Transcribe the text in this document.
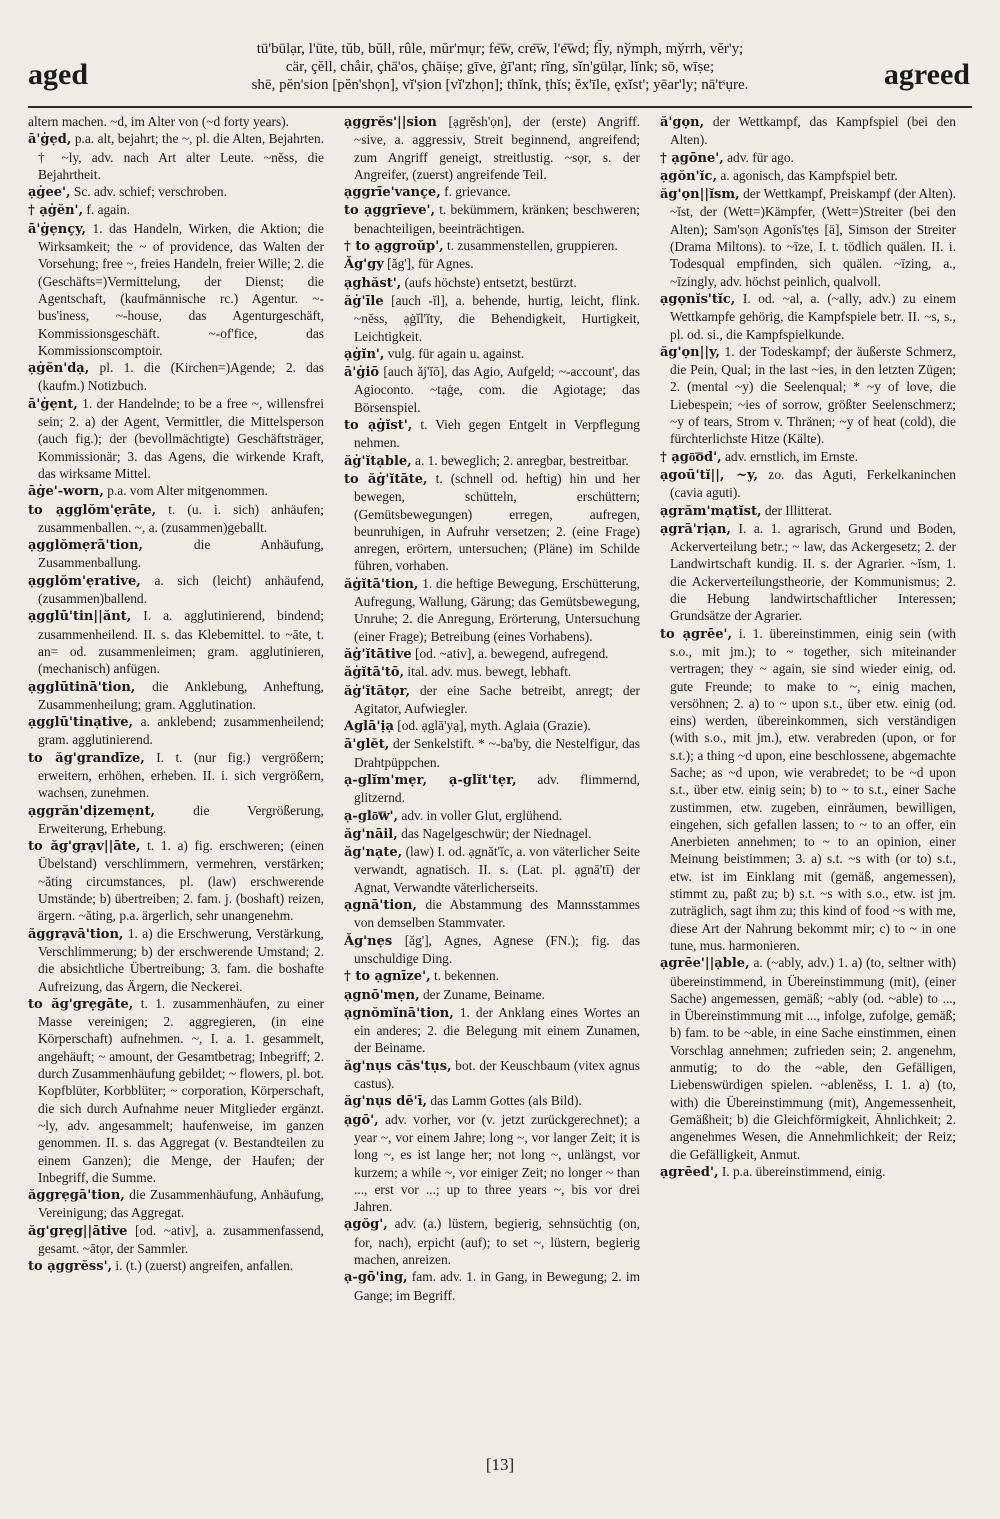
aged
tū'būlạr, l'ūte, tŭb, bŭll, rûle, mŭr'mụr; fe͞w, cre͞w, l'e͞wd; fl̄y, nўmph, mўrrh, vĕr'y;
cär, çĕll, chåir, çhā'os, çhāiṣe; gīve, ġī'ant; rĭng, sĭn'gūlạr, lĭnk; sō, wīṣe;
shē, pĕn'sion [pĕn'shọn], vĭ'ṣion [vĭ'zhọn]; thĭnk, ṭhĭs; ĕx'īle, ęxĭst'; yēar'ly; nā'tˢụre.	agreed

altern machen. ~d, im Alter von (~d forty years).

ā'ġẹd, p.a. alt, bejahrt; the ~, pl. die Alten, Bejahrten. † ~ly, adv. nach Art alter Leute. ~nĕss, die Bejahrtheit.

ạġee', Sc. adv. schief; verschroben.

† ạġĕn', f. again.

ā'ġẹnçy, 1. das Handeln, Wirken, die Aktion; die Wirksamkeit; the ~ of providence, das Walten der Vorsehung; free ~, freies Handeln, freier Wille; 2. die (Geschäfts=)Vermittelung, der Dienst; die Agentschaft, (kaufmännische rc.) Agentur. ~-bus'iness, ~-house, das Agenturgeschäft, Kommissionsgeschäft. ~-of'fice, das Kommissionscomptoir.

ạġĕn'dạ, pl. 1. die (Kirchen=)Agende; 2. das (kaufm.) Notizbuch.

ā'ġẹnt, 1. der Handelnde; to be a free ~, willensfrei sein; 2. a) der Agent, Vermittler, die Mittelsperson (auch fig.); der (bevollmächtigte) Geschäftsträger, Kommissionär; 3. das Agens, die wirkende Kraft, das wirksame Mittel.

āġe'-worn, p.a. vom Alter mitgenommen.

to ạgglŏm'ẹrāte, t. (u. i. sich) anhäufen; zusammenballen. ~, a. (zusammen)geballt.

ạgglŏmẹrā'tion, die Anhäufung, Zusammenballung.

ạgglŏm'ẹrative, a. sich (leicht) anhäufend, (zusammen)ballend.

ạgglū'tin||ănt, I. a. agglutinierend, bindend; zusammenheilend. II. s. das Klebemittel. to ~āte, t. an= od. zusammenleimen; gram. agglutinieren, (mechanisch) anfügen.

ạgglūtinā'tion, die Anklebung, Anheftung, Zusammenheilung; gram. Agglutination.

ạgglū'tinạtive, a. anklebend; zusammenheilend; gram. agglutinierend.

to ăg'grandīze, I. t. (nur fig.) vergrößern; erweitern, erhöhen, erheben. II. i. sich vergrößern, wachsen, zunehmen.

ạggrăn'dịzemẹnt, die Vergrößerung, Erweiterung, Erhebung.

to ăg'grạv||āte, t. 1. a) fig. erschweren; (einen Übelstand) verschlimmern, vermehren, verstärken; ~ăting circumstances, pl. (law) erschwerende Umstände; b) übertreiben; 2. fam. j. (boshaft) reizen, ärgern. ~ăting, p.a. ärgerlich, sehr unangenehm.

ăggrạvā'tion, 1. a) die Erschwerung, Verstärkung, Verschlimmerung; b) der erschwerende Umstand; 2. die absichtliche Übertreibung; 3. fam. die boshafte Aufreizung, das Ärgern, die Neckerei.

to ăg'grẹgāte, t. 1. zusammenhäufen, zu einer Masse vereinigen; 2. aggregieren, (in eine Körperschaft) aufnehmen. ~, I. a. 1. gesammelt, angehäuft; ~ amount, der Gesamtbetrag; Inbegriff; 2. durch Zusammenhäufung gebildet; ~ flowers, pl. bot. Kopfblüter, Korbblüter; ~ corporation, Körperschaft, die sich durch Aufnahme neuer Mitglieder ergänzt. ~ly, adv. angesammelt; haufenweise, im ganzen genommen. II. s. das Aggregat (v. Bestandteilen zu einem Ganzen); die Menge, der Haufen; der Inbegriff, die Summe.

ăggrẹgā'tion, die Zusammenhäufung, Anhäufung, Vereinigung; das Aggregat.

ăg'grẹg||ātive [od. ~ativ], a. zusammenfassend, gesamt. ~ātọr, der Sammler.

to ạggrĕss', i. (t.) (zuerst) angreifen, anfallen.

ạggrĕs'||sion [ạgrĕsh'ọn], der (erste) Angriff. ~sive, a. aggressiv, Streit beginnend, angreifend; zum Angriff geneigt, streitlustig. ~sọr, s. der Angreifer, (zuerst) angreifende Teil.

ạggrīe'vançe, f. grievance.

to ạggrīeve', t. bekümmern, kränken; beschweren; benachteiligen, beeinträchtigen.

† to ạggroŭp', t. zusammenstellen, gruppieren.

Ăg'gy [ăg'], für Agnes.

ạghăst', (aufs höchste) entsetzt, bestürzt.

ăġ'īle [auch -ĭl], a. behende, hurtig, leicht, flink. ~nĕss, ạġĭl'ĭty, die Behendigkeit, Hurtigkeit, Leichtigkeit.

ạġĭn', vulg. für again u. against.

ā'ġiō [auch ăj'ĭō], das Agio, Aufgeld; ~-account', das Agioconto. ~tạġe, com. die Agiotage; das Börsenspiel.

to ạġĭst', t. Vieh gegen Entgelt in Verpflegung nehmen.

ăġ'ĭtạble, a. 1. beweglich; 2. anregbar, bestreitbar.

to ăġ'ĭtāte, t. (schnell od. heftig) hin und her bewegen, schütteln, erschüttern; (Gemütsbewegungen) erregen, aufregen, beunruhigen, in Aufruhr versetzen; 2. (eine Frage) anregen, erörtern, untersuchen; (Pläne) im Schilde führen, vorhaben.

ăġĭtā'tion, 1. die heftige Bewegung, Erschütterung, Aufregung, Wallung, Gärung; das Gemütsbewegung, Unruhe; 2. die Anregung, Erörterung, Untersuchung (einer Frage); Betreibung (eines Vorhabens).

ăġ'ĭtātive [od. ~ativ], a. bewegend, aufregend.

ăġĭtā'tō, ital. adv. mus. bewegt, lebhaft.

ăġ'ĭtātọr, der eine Sache betreibt, anregt; der Agitator, Aufwiegler.

Aglā'ịạ [od. ạglā'yạ], myth. Aglaia (Grazie).

ā'glĕt, der Senkelstift. * ~-ba'by, die Nestelfigur, das Drahtpüppchen.

ạ-glĭm'mẹr, ạ-glĭt'tẹr, adv. flimmernd, glitzernd.

ạ-glō͞w', adv. in voller Glut, erglühend.

ăg'nāil, das Nagelgeschwür; der Niednagel.

ăg'nạte, (law) I. od. ạgnăt'ĭc, a. von väterlicher Seite verwandt, agnatisch. II. s. (Lat. pl. ạgnā'tī) der Agnat, Verwandte väterlicherseits.

ạgnā'tion, die Abstammung des Mannsstammes von demselben Stammvater.

Ăg'nẹs [ăg'], Agnes, Agnese (FN.); fig. das unschuldige Ding.

† to ạgnīze', t. bekennen.

ạgnō'mẹn, der Zuname, Beiname.

ạgnŏmĭnā'tion, 1. der Anklang eines Wortes an ein anderes; 2. die Belegung mit einem Zunamen, der Beiname.

ăg'nụs căs'tụs, bot. der Keuschbaum (vitex agnus castus).

ăg'nụs dē'ī, das Lamm Gottes (als Bild).

ạgō', adv. vorher, vor (v. jetzt zurückgerechnet); a year ~, vor einem Jahre; long ~, vor langer Zeit; it is long ~, es ist lange her; not long ~, unlängst, vor kurzem; a while ~, vor einiger Zeit; no longer ~ than ..., erst vor ...; up to three years ~, bis vor drei Jahren.

ạgŏg', adv. (a.) lüstern, begierig, sehnsüchtig (on, for, nach), erpicht (auf); to set ~, lüstern, begierig machen, anreizen.

ạ-gō'ing, fam. adv. 1. in Gang, in Bewegung; 2. im Gange; im Begriff.

ă'gọn, der Wettkampf, das Kampfspiel (bei den Alten).

† ạgōne', adv. für ago.

ạgŏn'ĭc, a. agonisch, das Kampfspiel betr.

ăg'ọn||ĭsm, der Wettkampf, Preiskampf (der Alten). ~ĭst, der (Wett=)Kämpfer, (Wett=)Streiter (bei den Alten); Sam'sọn Agonĭs'tẹs [ä], Simson der Streiter (Drama Miltons). to ~īze, I. t. tödlich quälen. II. i. Todesqual empfinden, sich quälen. ~īzing, a., ~īzingly, adv. höchst peinlich, qualvoll.

ạgọnĭs'tĭc, I. od. ~al, a. (~ally, adv.) zu einem Wettkampfe gehörig, die Kampfspiele betr. II. ~s, s., pl. od. si., die Kampfspielkunde.

ăg'ọn||y, 1. der Todeskampf; der äußerste Schmerz, die Pein, Qual; in the last ~ies, in den letzten Zügen; 2. (mental ~y) die Seelenqual; * ~y of love, die Liebespein; ~ies of sorrow, größter Seelenschmerz; ~y of tears, Strom v. Thränen; ~y of heat (cold), die fürchterlichste Hitze (Kälte).

† ạgō͞od', adv. ernstlich, im Ernste.

ạgoū'tĭ||, ~y, zo. das Aguti, Ferkelkaninchen (cavia aguti).

ạgrăm'mạtĭst, der Illitterat.

ạgrā'rịạn, I. a. 1. agrarisch, Grund und Boden, Ackerverteilung betr.; ~ law, das Ackergesetz; 2. der Landwirtschaft kundig. II. s. der Agrarier. ~ĭsm, 1. die Ackerverteilungstheorie, der Kommunismus; 2. die Hebung landwirtschaftlicher Interessen; Grundsätze der Agrarier.

to ạgrēe', i. 1. übereinstimmen, einig sein (with s.o., mit jm.); to ~ together, sich miteinander vertragen; they ~ again, sie sind wieder einig, od. gute Freunde; to make to ~, einig machen, versöhnen; 2. a) to ~ upon s.t., über etw. einig (od. eins) werden, übereinkommen, sich verständigen (with s.o., mit jm.), etw. verabreden (upon, or for s.t.); a thing ~d upon, eine beschlossene, abgemachte Sache; as ~d upon, wie verabredet; to be ~d upon s.t., über etw. einig sein; b) to ~ to s.t., einer Sache zustimmen, etw. zugeben, einräumen, bewilligen, eingehen, sich gefallen lassen; to ~ to an offer, ein Anerbieten annehmen; to ~ to an opinion, einer Meinung beistimmen; 3. a) s.t. ~s with (or to) s.t., etw. ist im Einklang mit (gemäß, angemessen), stimmt zu, paßt zu; b) s.t. ~s with s.o., etw. ist jm. zuträglich, sagt ihm zu; this kind of food ~s with me, diese Art der Nahrung bekommt mir; c) to ~ in one tune, mus. harmonieren.

ạgrēe'||ạble, a. (~ably, adv.) 1. a) (to, seltner with) übereinstimmend, in Übereinstimmung (mit), (einer Sache) angemessen, gemäß; ~ably (od. ~able) to ..., in Übereinstimmung mit ..., infolge, zufolge, gemäß; b) fam. to be ~able, in eine Sache einstimmen, einen Vorschlag annehmen; zufrieden sein; 2. angenehm, anmutig; to do the ~able, den Gefälligen, Liebenswürdigen spielen. ~ablenĕss, I. 1. a) (to, with) die Übereinstimmung (mit), Angemessenheit, Gemäßheit; b) die Gleichförmigkeit, Ähnlichkeit; 2. angenehmes Wesen, die Annehmlichkeit; der Reiz; die Gefälligkeit, Anmut.

ạgrēed', I. p.a. übereinstimmend, einig.

[13]
